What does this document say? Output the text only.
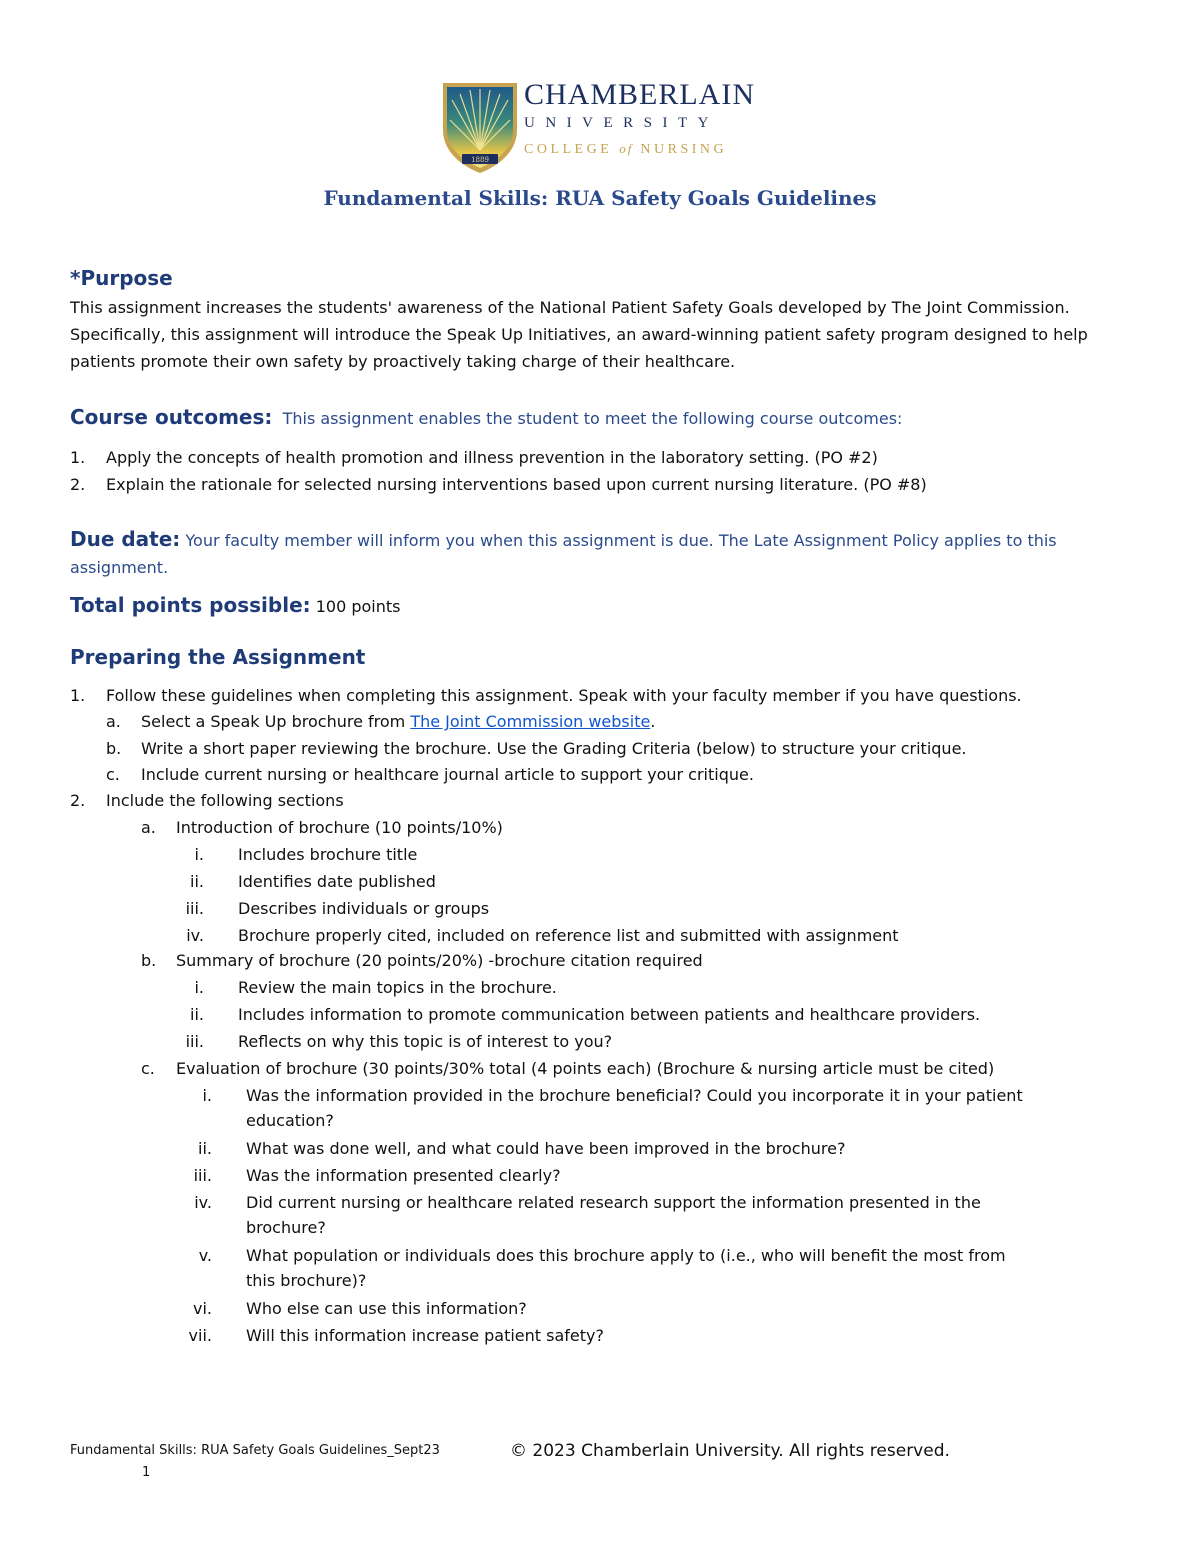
1889
CHAMBERLAIN
UNIVERSITY
COLLEGE of NURSING
Fundamental Skills: RUA Safety Goals Guidelines
*Purpose
This assignment increases the students' awareness of the National Patient Safety Goals developed by The Joint Commission. Specifically, this assignment will introduce the Speak Up Initiatives, an award-winning patient safety program designed to help patients promote their own safety by proactively taking charge of their healthcare.
Course outcomes: This assignment enables the student to meet the following course outcomes:
1.	Apply the concepts of health promotion and illness prevention in the laboratory setting. (PO #2)
2.	Explain the rationale for selected nursing interventions based upon current nursing literature. (PO #8)
Due date: Your faculty member will inform you when this assignment is due. The Late Assignment Policy applies to this assignment.
Total points possible: 100 points
Preparing the Assignment
1.	Follow these guidelines when completing this assignment. Speak with your faculty member if you have questions.
a.	Select a Speak Up brochure from The Joint Commission website.
b. Write a short paper reviewing the brochure. Use the Grading Criteria (below) to structure your critique.
c.	Include current nursing or healthcare journal article to support your critique.
2.	Include the following sections
a.	Introduction of brochure (10 points/10%)
i. Includes brochure title
ii. Identifies date published
iii. Describes individuals or groups
iv. Brochure properly cited, included on reference list and submitted with assignment
b. Summary of brochure (20 points/20%) -brochure citation required
i. Review the main topics in the brochure.
ii. Includes information to promote communication between patients and healthcare providers.
iii. Reflects on why this topic is of interest to you?
c.	Evaluation of brochure (30 points/30% total (4 points each) (Brochure & nursing article must be cited)
i. Was the information provided in the brochure beneficial? Could you incorporate it in your patient
education?
ii. What was done well, and what could have been improved in the brochure?
iii. Was the information presented clearly?
iv. Did current nursing or healthcare related research support the information presented in the
brochure?
v. What population or individuals does this brochure apply to (i.e., who will benefit the most from
this brochure)?
vi. Who else can use this information?
vii. Will this information increase patient safety?
Fundamental Skills: RUA Safety Goals Guidelines_Sept23	© 2023 Chamberlain University. All rights reserved.
1
